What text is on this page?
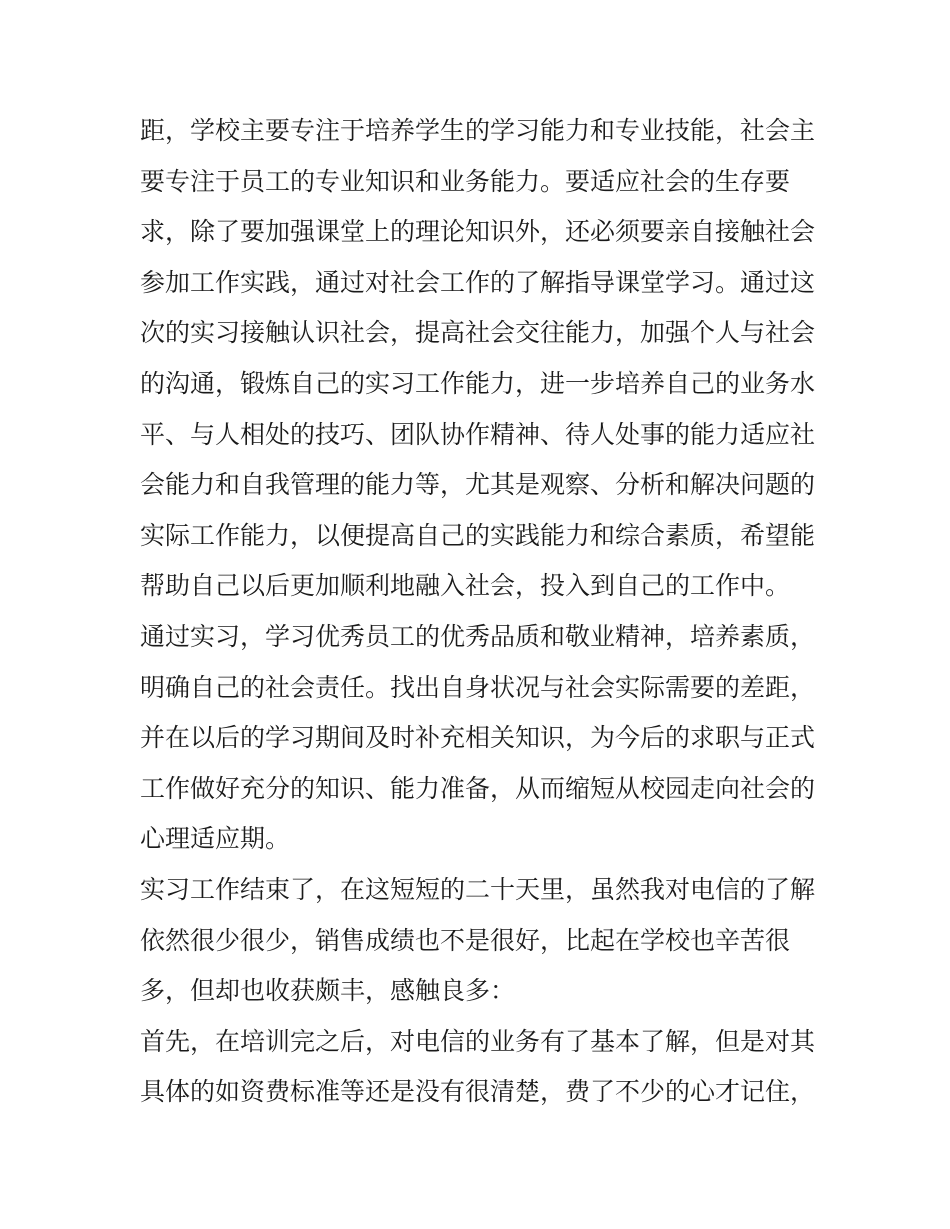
距，学校主要专注于培养学生的学习能力和专业技能，社会主
要专注于员工的专业知识和业务能力。要适应社会的生存要
求，除了要加强课堂上的理论知识外，还必须要亲自接触社会
参加工作实践，通过对社会工作的了解指导课堂学习。通过这
次的实习接触认识社会，提高社会交往能力，加强个人与社会
的沟通，锻炼自己的实习工作能力，进一步培养自己的业务水
平、与人相处的技巧、团队协作精神、待人处事的能力适应社
会能力和自我管理的能力等，尤其是观察、分析和解决问题的
实际工作能力，以便提高自己的实践能力和综合素质，希望能
帮助自己以后更加顺利地融入社会，投入到自己的工作中。
通过实习，学习优秀员工的优秀品质和敬业精神，培养素质，
明确自己的社会责任。找出自身状况与社会实际需要的差距，
并在以后的学习期间及时补充相关知识，为今后的求职与正式
工作做好充分的知识、能力准备，从而缩短从校园走向社会的
心理适应期。
实习工作结束了，在这短短的二十天里，虽然我对电信的了解
依然很少很少，销售成绩也不是很好，比起在学校也辛苦很
多，但却也收获颇丰，感触良多：
首先，在培训完之后，对电信的业务有了基本了解，但是对其
具体的如资费标准等还是没有很清楚，费了不少的心才记住，
